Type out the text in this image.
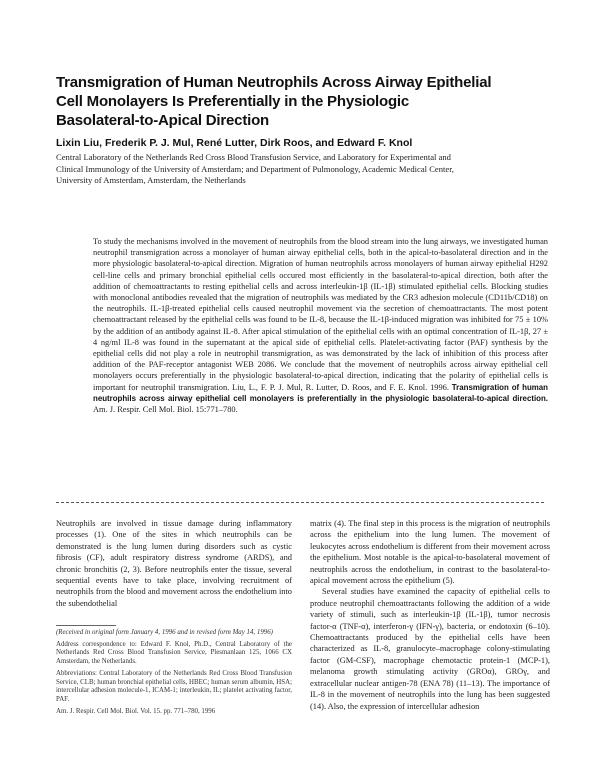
Transmigration of Human Neutrophils Across Airway Epithelial
Cell Monolayers Is Preferentially in the Physiologic
Basolateral-to-Apical Direction
Lixin Liu, Frederik P. J. Mul, René Lutter, Dirk Roos, and Edward F. Knol
Central Laboratory of the Netherlands Red Cross Blood Transfusion Service, and Laboratory for Experimental and
Clinical Immunology of the University of Amsterdam; and Department of Pulmonology, Academic Medical Center,
University of Amsterdam, Amsterdam, the Netherlands
To study the mechanisms involved in the movement of neutrophils from the blood stream into the lung airways, we investigated human neutrophil transmigration across a monolayer of human airway epithelial cells, both in the apical-to-basolateral direction and in the more physiologic basolateral-to-apical direction. Migration of human neutrophils across monolayers of human airway epithelial H292 cell-line cells and primary bronchial epithelial cells occured most efficiently in the basolateral-to-apical direction, both after the addition of chemoattractants to resting epithelial cells and across interleukin-1β (IL-1β) stimulated epithelial cells. Blocking studies with monoclonal antibodies revealed that the migration of neutrophils was mediated by the CR3 adhesion molecule (CD11b/CD18) on the neutrophils. IL-1β-treated epithelial cells caused neutrophil movement via the secretion of chemoattractants. The most potent chemoattractant released by the epithelial cells was found to be IL-8, because the IL-1β-induced migration was inhibited for 75 ± 10% by the addition of an antibody against IL-8. After apical stimulation of the epithelial cells with an optimal concentration of IL-1β, 27 ± 4 ng/ml IL-8 was found in the supernatant at the apical side of epithelial cells. Platelet-activating factor (PAF) synthesis by the epithelial cells did not play a role in neutrophil transmigration, as was demonstrated by the lack of inhibition of this process after addition of the PAF-receptor antagonist WEB 2086. We conclude that the movement of neutrophils across airway epithelial cell monolayers occurs preferentially in the physiologic basolateral-to-apical direction, indicating that the polarity of epithelial cells is important for neutrophil transmigration. Liu, L., F. P. J. Mul, R. Lutter, D. Roos, and F. E. Knol. 1996. Transmigration of human neutrophils across airway epithelial cell monolayers is preferentially in the physiologic basolateral-to-apical direction. Am. J. Respir. Cell Mol. Biol. 15:771–780.

Neutrophils are involved in tissue damage during inflammatory processes (1). One of the sites in which neutrophils can be demonstrated is the lung lumen during disorders such as cystic fibrosis (CF), adult respiratory distress syndrome (ARDS), and chronic bronchitis (2, 3). Before neutrophils enter the tissue, several sequential events have to take place, involving recruitment of neutrophils from the blood and movement across the endothelium into the subendothelial

(Received in original form January 4, 1996 and in revised form May 14, 1996)

Address correspondence to: Edward F. Knol, Ph.D., Central Laboratory of the Netherlands Red Cross Blood Transfusion Service, Plesmanlaan 125, 1066 CX Amsterdam, the Netherlands.

Abbreviations: Central Laboratory of the Netherlands Red Cross Blood Transfusion Service, CLB; human bronchial epithelial cells, HBEC; human serum albumin, HSA; intercellular adhesion molecule-1, ICAM-1; interleukin, IL; platelet activating factor, PAF.

Am. J. Respir. Cell Mol. Biol. Vol. 15. pp. 771–780, 1996

matrix (4). The final step in this process is the migration of neutrophils across the epithelium into the lung lumen. The movement of leukocytes across endothelium is different from their movement across the epithelium. Most notable is the apical-to-basolateral movement of neutrophils across the endothelium, in contrast to the basolateral-to-apical movement across the epithelium (5).

Several studies have examined the capacity of epithelial cells to produce neutrophil chemoattractants following the addition of a wide variety of stimuli, such as interleukin-1β (IL-1β), tumor necrosis factor-α (TNF-α), interferon-γ (IFN-γ), bacteria, or endotoxin (6–10). Chemoattractants produced by the epithelial cells have been characterized as IL-8, granulocyte–macrophage colony-stimulating factor (GM-CSF), macrophage chemotactic protein-1 (MCP-1), melanoma growth stimulating activity (GROα), GROγ, and extracellular nuclear antigen-78 (ENA 78) (11–13). The importance of IL-8 in the movement of neutrophils into the lung has been suggested (14). Also, the expression of intercellular adhesion
